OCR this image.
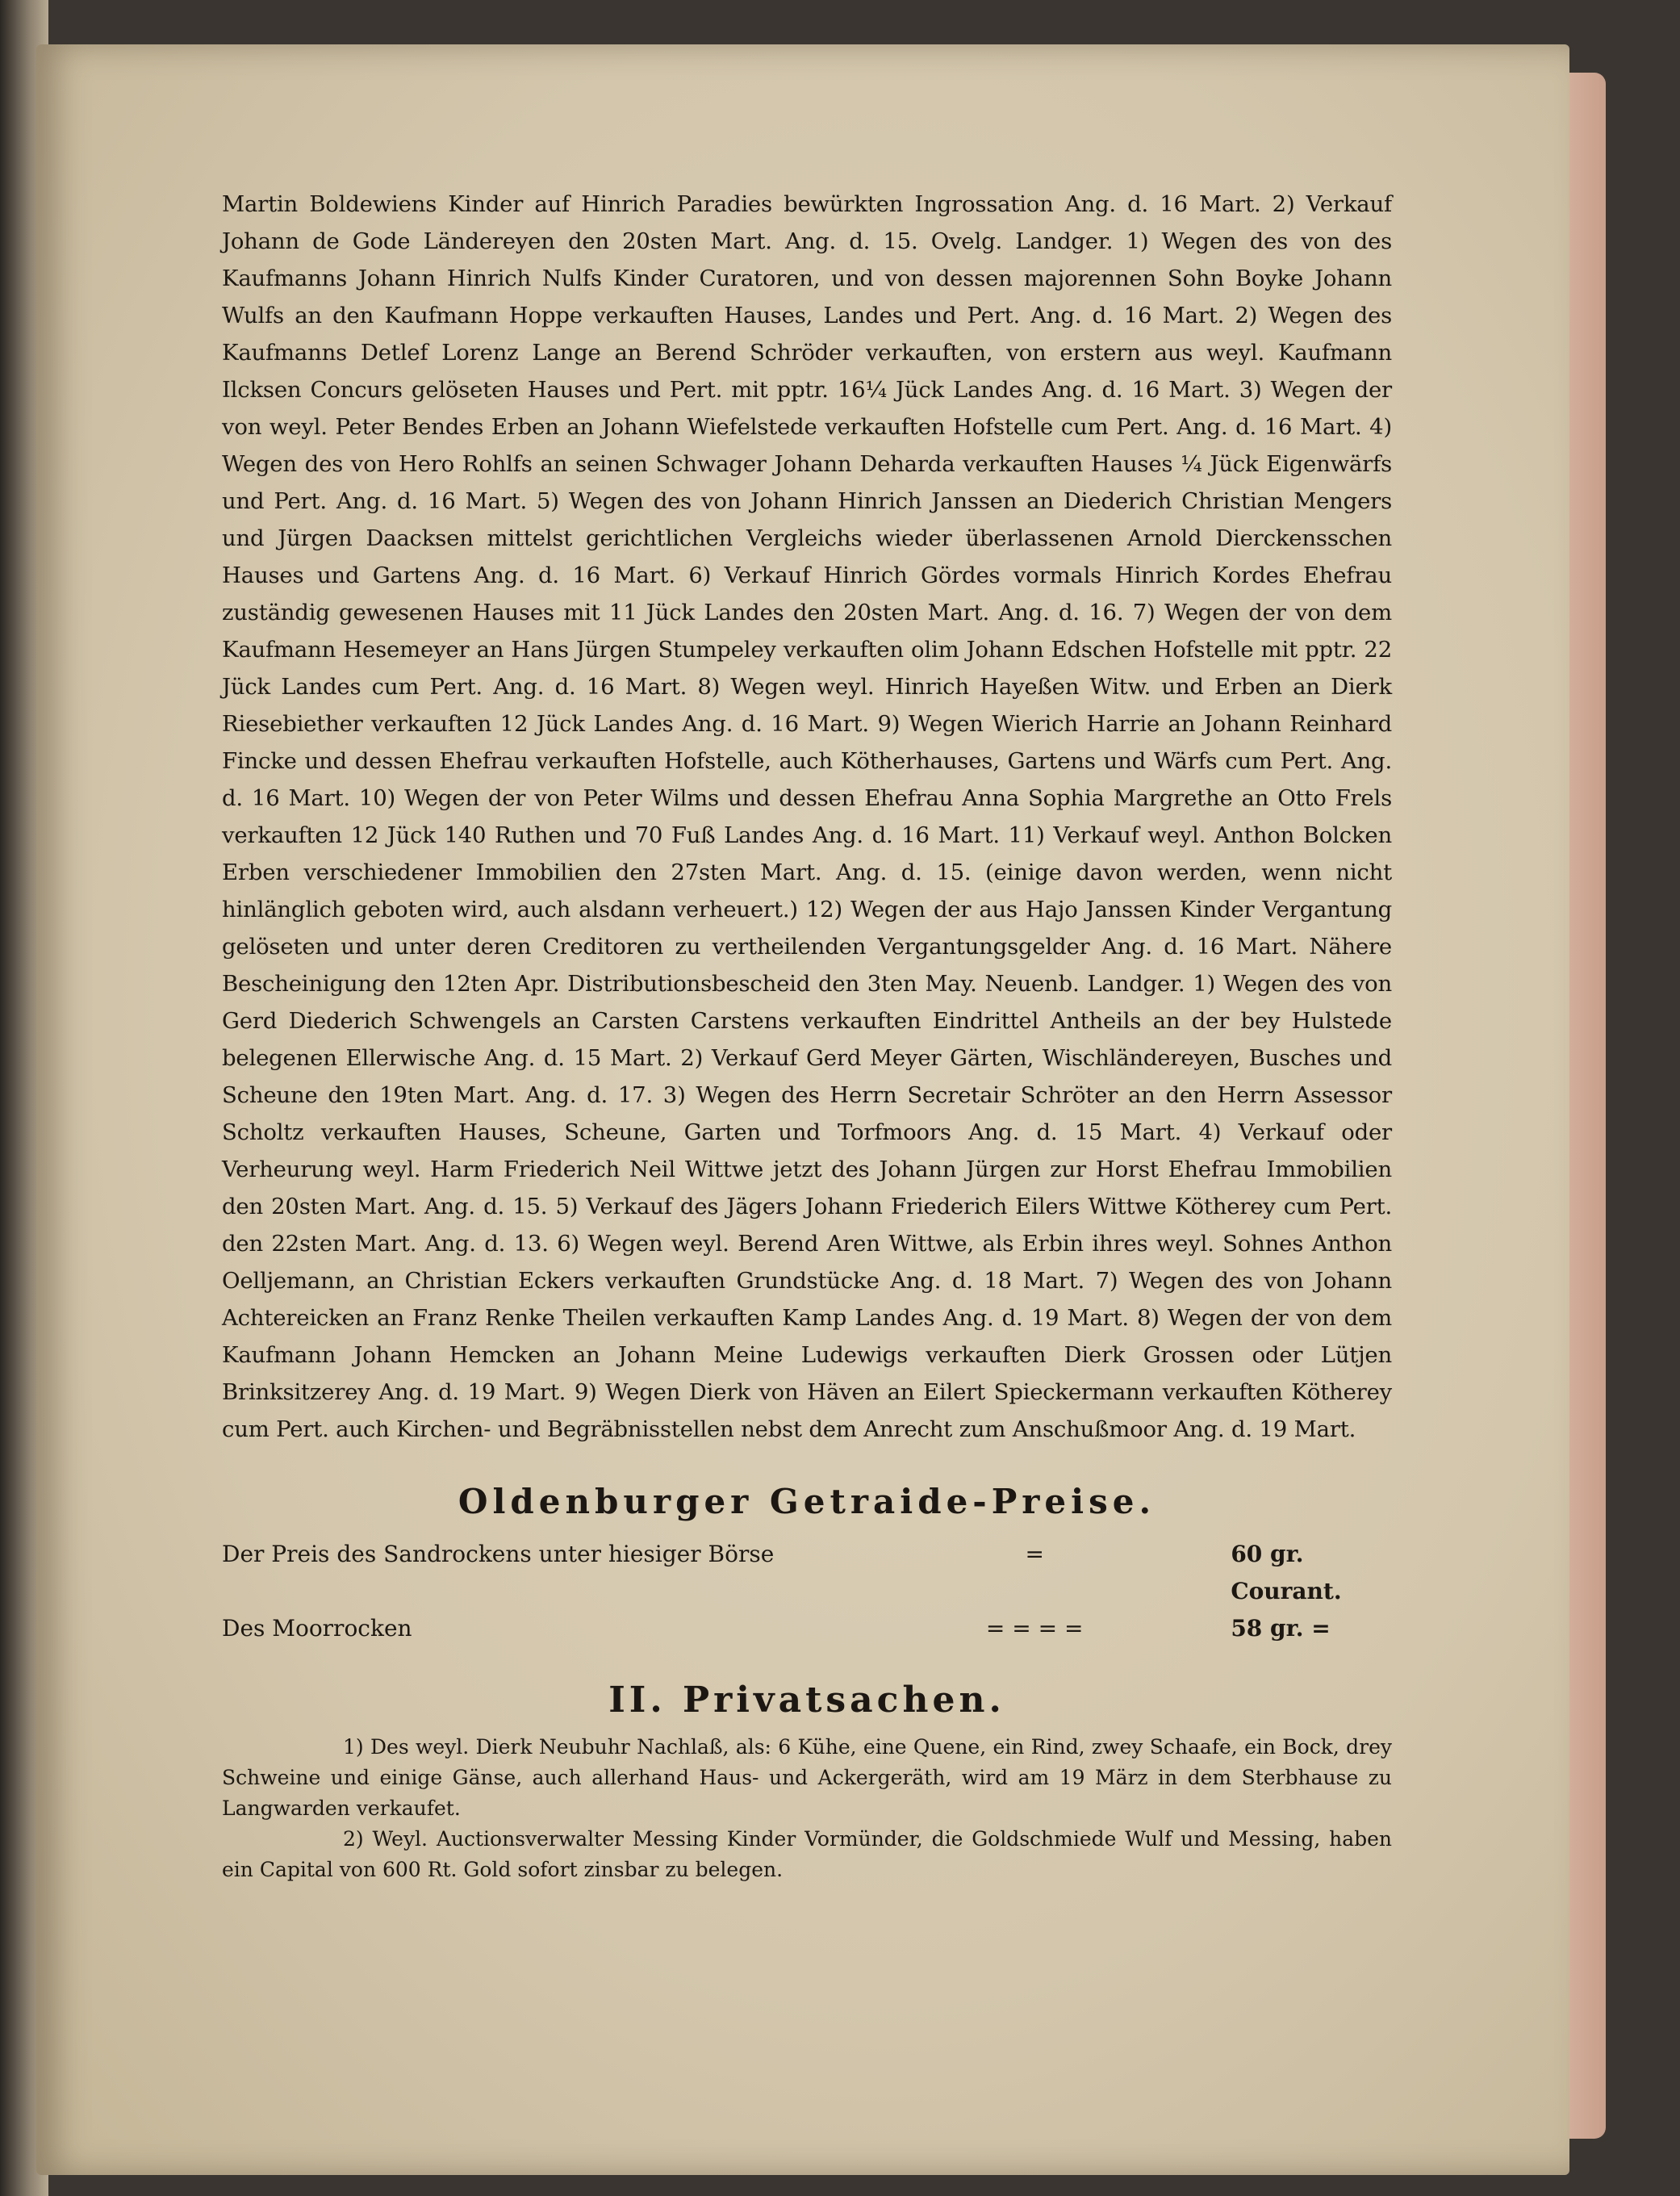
Martin Boldewiens Kinder auf Hinrich Paradies bewürkten Ingrossation Ang. d. 16 Mart. 2) Verkauf Johann de Gode Ländereyen den 20sten Mart. Ang. d. 15. Ovelg. Landger. 1) Wegen des von des Kaufmanns Johann Hinrich Nulfs Kinder Curatoren, und von dessen majorennen Sohn Boyke Johann Wulfs an den Kaufmann Hoppe verkauften Hauses, Landes und Pert. Ang. d. 16 Mart. 2) Wegen des Kaufmanns Detlef Lorenz Lange an Berend Schröder verkauften, von erstern aus weyl. Kaufmann Ilcksen Concurs gelöseten Hauses und Pert. mit pptr. 16¼ Jück Landes Ang. d. 16 Mart. 3) Wegen der von weyl. Peter Bendes Erben an Johann Wiefelstede verkauften Hofstelle cum Pert. Ang. d. 16 Mart. 4) Wegen des von Hero Rohlfs an seinen Schwager Johann Deharda verkauften Hauses ¼ Jück Eigenwärfs und Pert. Ang. d. 16 Mart. 5) Wegen des von Johann Hinrich Janssen an Diederich Christian Mengers und Jürgen Daacksen mittelst gerichtlichen Vergleichs wieder überlassenen Arnold Dierckensschen Hauses und Gartens Ang. d. 16 Mart. 6) Verkauf Hinrich Gördes vormals Hinrich Kordes Ehefrau zuständig gewesenen Hauses mit 11 Jück Landes den 20sten Mart. Ang. d. 16. 7) Wegen der von dem Kaufmann Hesemeyer an Hans Jürgen Stumpeley verkauften olim Johann Edschen Hofstelle mit pptr. 22 Jück Landes cum Pert. Ang. d. 16 Mart. 8) Wegen weyl. Hinrich Hayeßen Witw. und Erben an Dierk Riesebiether verkauften 12 Jück Landes Ang. d. 16 Mart. 9) Wegen Wierich Harrie an Johann Reinhard Fincke und dessen Ehefrau verkauften Hofstelle, auch Kötherhauses, Gartens und Wärfs cum Pert. Ang. d. 16 Mart. 10) Wegen der von Peter Wilms und dessen Ehefrau Anna Sophia Margrethe an Otto Frels verkauften 12 Jück 140 Ruthen und 70 Fuß Landes Ang. d. 16 Mart. 11) Verkauf weyl. Anthon Bolcken Erben verschiedener Immobilien den 27sten Mart. Ang. d. 15. (einige davon werden, wenn nicht hinlänglich geboten wird, auch alsdann verheuert.) 12) Wegen der aus Hajo Janssen Kinder Vergantung gelöseten und unter deren Creditoren zu vertheilenden Vergantungsgelder Ang. d. 16 Mart. Nähere Bescheinigung den 12ten Apr. Distributionsbescheid den 3ten May. Neuenb. Landger. 1) Wegen des von Gerd Diederich Schwengels an Carsten Carstens verkauften Eindrittel Antheils an der bey Hulstede belegenen Ellerwische Ang. d. 15 Mart. 2) Verkauf Gerd Meyer Gärten, Wischländereyen, Busches und Scheune den 19ten Mart. Ang. d. 17. 3) Wegen des Herrn Secretair Schröter an den Herrn Assessor Scholtz verkauften Hauses, Scheune, Garten und Torfmoors Ang. d. 15 Mart. 4) Verkauf oder Verheurung weyl. Harm Friederich Neil Wittwe jetzt des Johann Jürgen zur Horst Ehefrau Immobilien den 20sten Mart. Ang. d. 15. 5) Verkauf des Jägers Johann Friederich Eilers Wittwe Kötherey cum Pert. den 22sten Mart. Ang. d. 13. 6) Wegen weyl. Berend Aren Wittwe, als Erbin ihres weyl. Sohnes Anthon Oelljemann, an Christian Eckers verkauften Grundstücke Ang. d. 18 Mart. 7) Wegen des von Johann Achtereicken an Franz Renke Theilen verkauften Kamp Landes Ang. d. 19 Mart. 8) Wegen der von dem Kaufmann Johann Hemcken an Johann Meine Ludewigs verkauften Dierk Grossen oder Lütjen Brinksitzerey Ang. d. 19 Mart. 9) Wegen Dierk von Häven an Eilert Spieckermann verkauften Kötherey cum Pert. auch Kirchen- und Begräbnisstellen nebst dem Anrecht zum Anschußmoor Ang. d. 19 Mart.

Oldenburger Getraide-Preise.
Der Preis des Sandrockens unter hiesiger Börse	=	60 gr. Courant.
Des Moorrocken	= = = =	58 gr. =
II. Privatsachen.

1) Des weyl. Dierk Neubuhr Nachlaß, als: 6 Kühe, eine Quene, ein Rind, zwey Schaafe, ein Bock, drey Schweine und einige Gänse, auch allerhand Haus- und Ackergeräth, wird am 19 März in dem Sterbhause zu Langwarden verkaufet.

2) Weyl. Auctionsverwalter Messing Kinder Vormünder, die Goldschmiede Wulf und Messing, haben ein Capital von 600 Rt. Gold sofort zinsbar zu belegen.
